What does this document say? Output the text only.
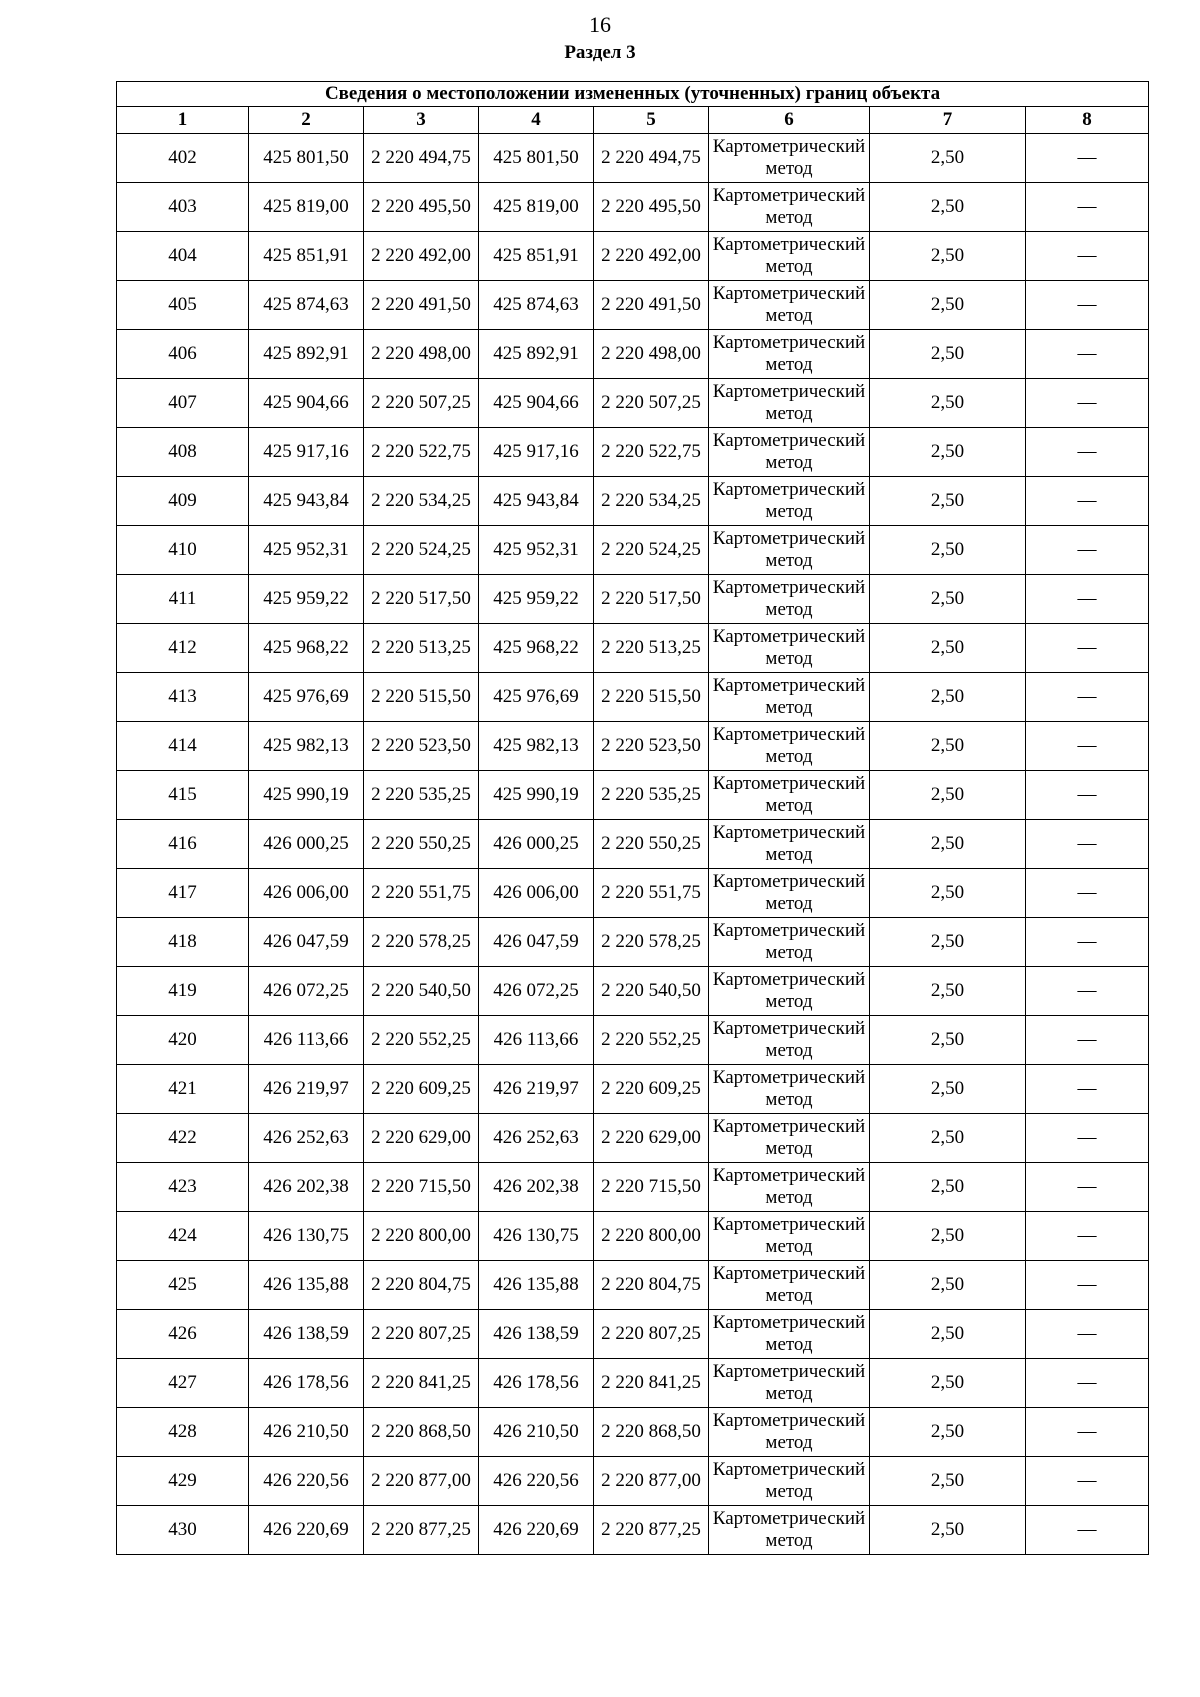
16
Раздел 3
Сведения о местоположении измененных (уточненных) границ объекта							
1	2	3	4	5	6	7	8
402	425 801,50	2 220 494,75	425 801,50	2 220 494,75	Картометрический метод	2,50	—
403	425 819,00	2 220 495,50	425 819,00	2 220 495,50	Картометрический метод	2,50	—
404	425 851,91	2 220 492,00	425 851,91	2 220 492,00	Картометрический метод	2,50	—
405	425 874,63	2 220 491,50	425 874,63	2 220 491,50	Картометрический метод	2,50	—
406	425 892,91	2 220 498,00	425 892,91	2 220 498,00	Картометрический метод	2,50	—
407	425 904,66	2 220 507,25	425 904,66	2 220 507,25	Картометрический метод	2,50	—
408	425 917,16	2 220 522,75	425 917,16	2 220 522,75	Картометрический метод	2,50	—
409	425 943,84	2 220 534,25	425 943,84	2 220 534,25	Картометрический метод	2,50	—
410	425 952,31	2 220 524,25	425 952,31	2 220 524,25	Картометрический метод	2,50	—
411	425 959,22	2 220 517,50	425 959,22	2 220 517,50	Картометрический метод	2,50	—
412	425 968,22	2 220 513,25	425 968,22	2 220 513,25	Картометрический метод	2,50	—
413	425 976,69	2 220 515,50	425 976,69	2 220 515,50	Картометрический метод	2,50	—
414	425 982,13	2 220 523,50	425 982,13	2 220 523,50	Картометрический метод	2,50	—
415	425 990,19	2 220 535,25	425 990,19	2 220 535,25	Картометрический метод	2,50	—
416	426 000,25	2 220 550,25	426 000,25	2 220 550,25	Картометрический метод	2,50	—
417	426 006,00	2 220 551,75	426 006,00	2 220 551,75	Картометрический метод	2,50	—
418	426 047,59	2 220 578,25	426 047,59	2 220 578,25	Картометрический метод	2,50	—
419	426 072,25	2 220 540,50	426 072,25	2 220 540,50	Картометрический метод	2,50	—
420	426 113,66	2 220 552,25	426 113,66	2 220 552,25	Картометрический метод	2,50	—
421	426 219,97	2 220 609,25	426 219,97	2 220 609,25	Картометрический метод	2,50	—
422	426 252,63	2 220 629,00	426 252,63	2 220 629,00	Картометрический метод	2,50	—
423	426 202,38	2 220 715,50	426 202,38	2 220 715,50	Картометрический метод	2,50	—
424	426 130,75	2 220 800,00	426 130,75	2 220 800,00	Картометрический метод	2,50	—
425	426 135,88	2 220 804,75	426 135,88	2 220 804,75	Картометрический метод	2,50	—
426	426 138,59	2 220 807,25	426 138,59	2 220 807,25	Картометрический метод	2,50	—
427	426 178,56	2 220 841,25	426 178,56	2 220 841,25	Картометрический метод	2,50	—
428	426 210,50	2 220 868,50	426 210,50	2 220 868,50	Картометрический метод	2,50	—
429	426 220,56	2 220 877,00	426 220,56	2 220 877,00	Картометрический метод	2,50	—
430	426 220,69	2 220 877,25	426 220,69	2 220 877,25	Картометрический метод	2,50	—
